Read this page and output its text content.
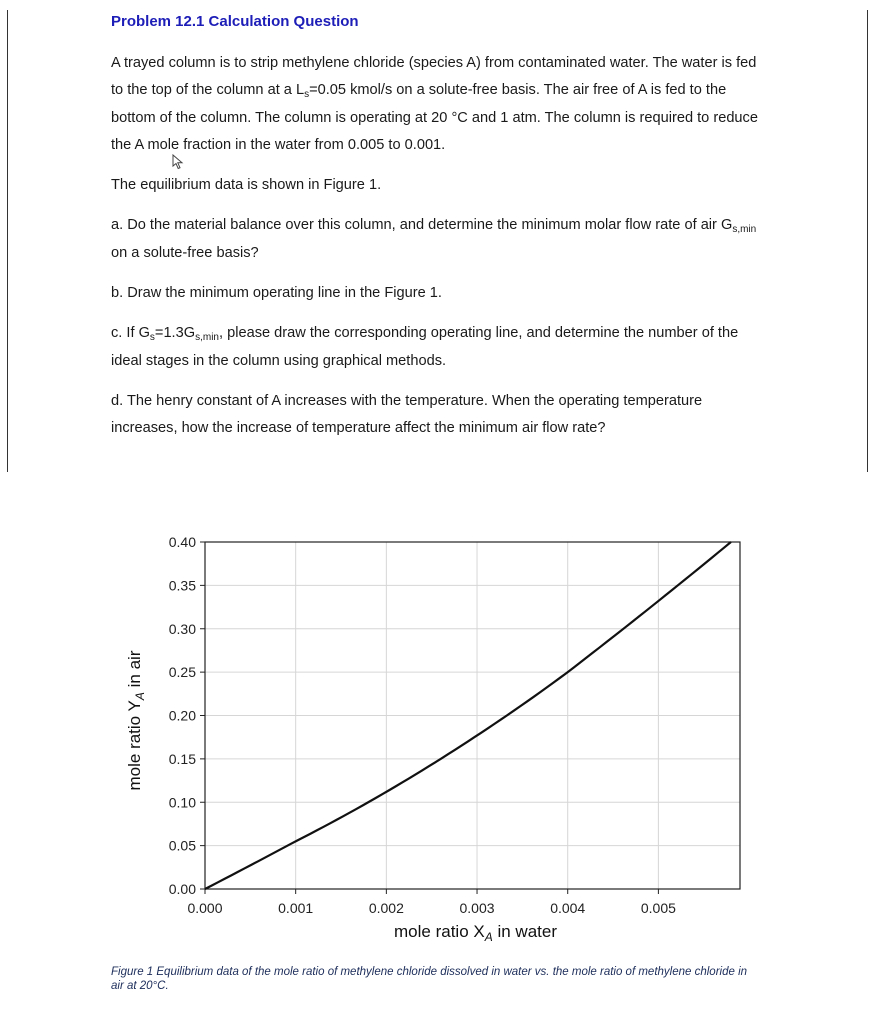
Problem 12.1 Calculation Question

A trayed column is to strip methylene chloride (species A) from contaminated water. The water is fed to the top of the column at a $L_s=0.05$ kmol/s on a solute-free basis. The air free of A is fed to the bottom of the column. The column is operating at 20 °C and 1 atm. The column is required to reduce the A mole fraction in the water from 0.005 to 0.001.

The equilibrium data is shown in Figure 1.

a. Do the material balance over this column, and determine the minimum molar flow rate of air $G_{s,min}$ on a solute-free basis?

b. Draw the minimum operating line in the Figure 1.

c. If $G_s=1.3G_{s,min}$, please draw the corresponding operating line, and determine the number of the ideal stages in the column using graphical methods.

d. The henry constant of A increases with the temperature. When the operating temperature increases, how the increase of temperature affect the minimum air flow rate?

0.00
0.05
0.10
0.15
0.20
0.25
0.30
0.35
0.40
0.000	0.001	0.002	0.003	0.004	0.005
mole ratio $X_A$ in water
mole ratio $Y_A$ in air
Figure 1 Equilibrium data of the mole ratio of methylene chloride dissolved in water vs. the mole ratio of methylene chloride in air at 20°C.
